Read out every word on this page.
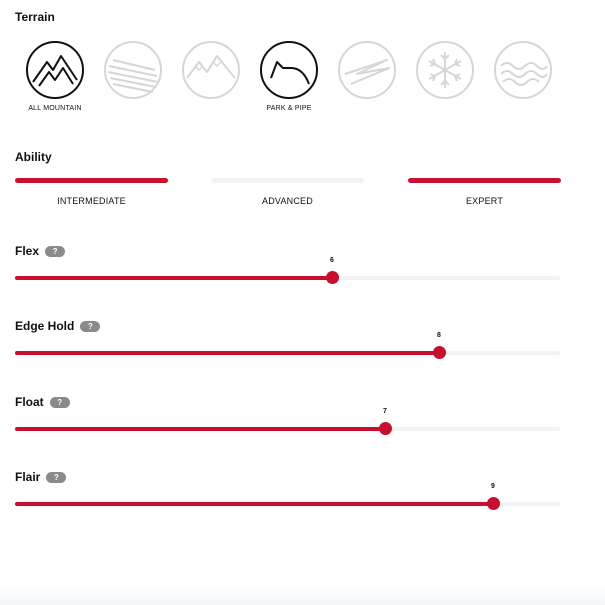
Terrain
ALL MOUNTAIN	PARK & PIPE
Ability
INTERMEDIATE	ADVANCED	EXPERT
Flex ?
6
Edge Hold ?
8
Float ?
7
Flair ?
9
